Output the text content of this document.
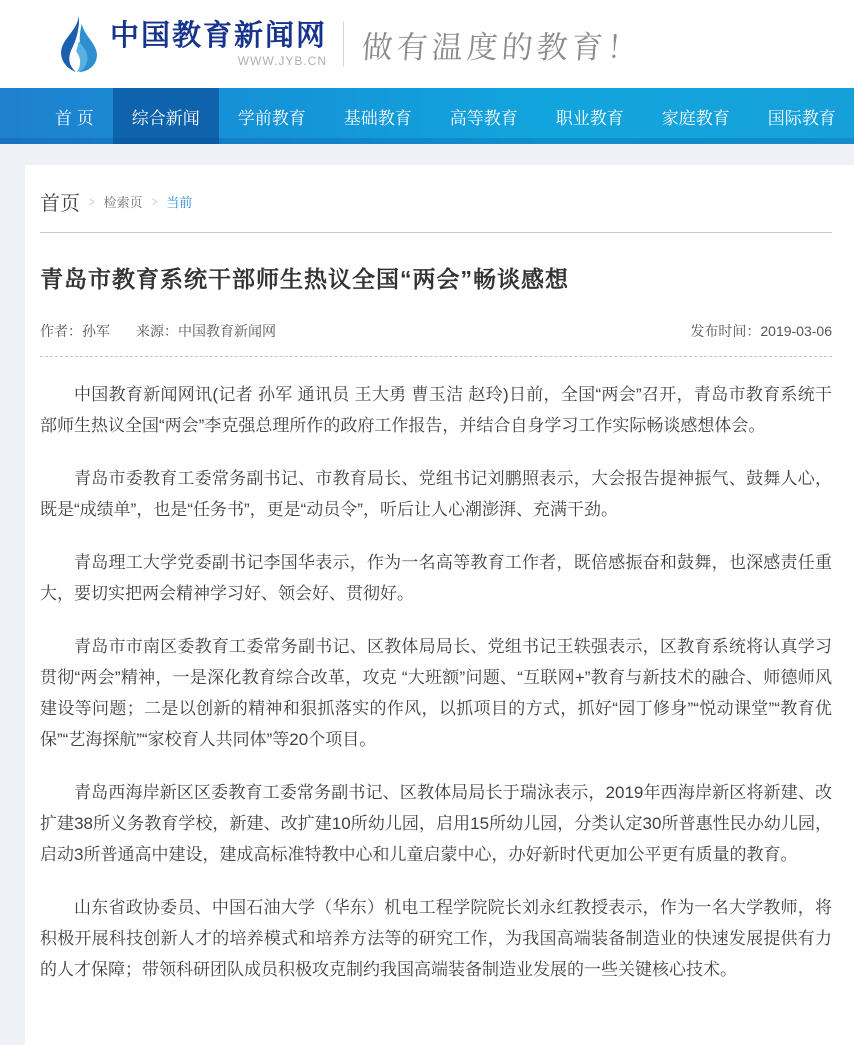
中国教育新闻网
WWW.JYB.CN 做有温度的教育！
首 页	综合新闻	学前教育	基础教育	高等教育	职业教育	家庭教育	国际教育
首页 > 检索页 > 当前
青岛市教育系统干部师生热议全国“两会”畅谈感想
作者：孙军 来源：中国教育新闻网	发布时间：2019-03-06

中国教育新闻网讯(记者 孙军 通讯员 王大勇 曹玉洁 赵玲)日前，全国“两会”召开，青岛市教育系统干部师生热议全国“两会”李克强总理所作的政府工作报告，并结合自身学习工作实际畅谈感想体会。

青岛市委教育工委常务副书记、市教育局长、党组书记刘鹏照表示，大会报告提神振气、鼓舞人心，既是“成绩单”，也是“任务书”，更是“动员令”，听后让人心潮澎湃、充满干劲。

青岛理工大学党委副书记李国华表示，作为一名高等教育工作者，既倍感振奋和鼓舞，也深感责任重大，要切实把两会精神学习好、领会好、贯彻好。

青岛市市南区委教育工委常务副书记、区教体局局长、党组书记王轶强表示，区教育系统将认真学习贯彻“两会”精神，一是深化教育综合改革，攻克 “大班额”问题、“互联网+”教育与新技术的融合、师德师风建设等问题；二是以创新的精神和狠抓落实的作风，以抓项目的方式，抓好“园丁修身”“悦动课堂”“教育优保”“艺海探航”“家校育人共同体”等20个项目。

青岛西海岸新区区委教育工委常务副书记、区教体局局长于瑞泳表示，2019年西海岸新区将新建、改扩建38所义务教育学校，新建、改扩建10所幼儿园，启用15所幼儿园，分类认定30所普惠性民办幼儿园，启动3所普通高中建设，建成高标准特教中心和儿童启蒙中心，办好新时代更加公平更有质量的教育。

山东省政协委员、中国石油大学（华东）机电工程学院院长刘永红教授表示，作为一名大学教师，将积极开展科技创新人才的培养模式和培养方法等的研究工作，为我国高端装备制造业的快速发展提供有力的人才保障；带领科研团队成员积极攻克制约我国高端装备制造业发展的一些关键核心技术。
